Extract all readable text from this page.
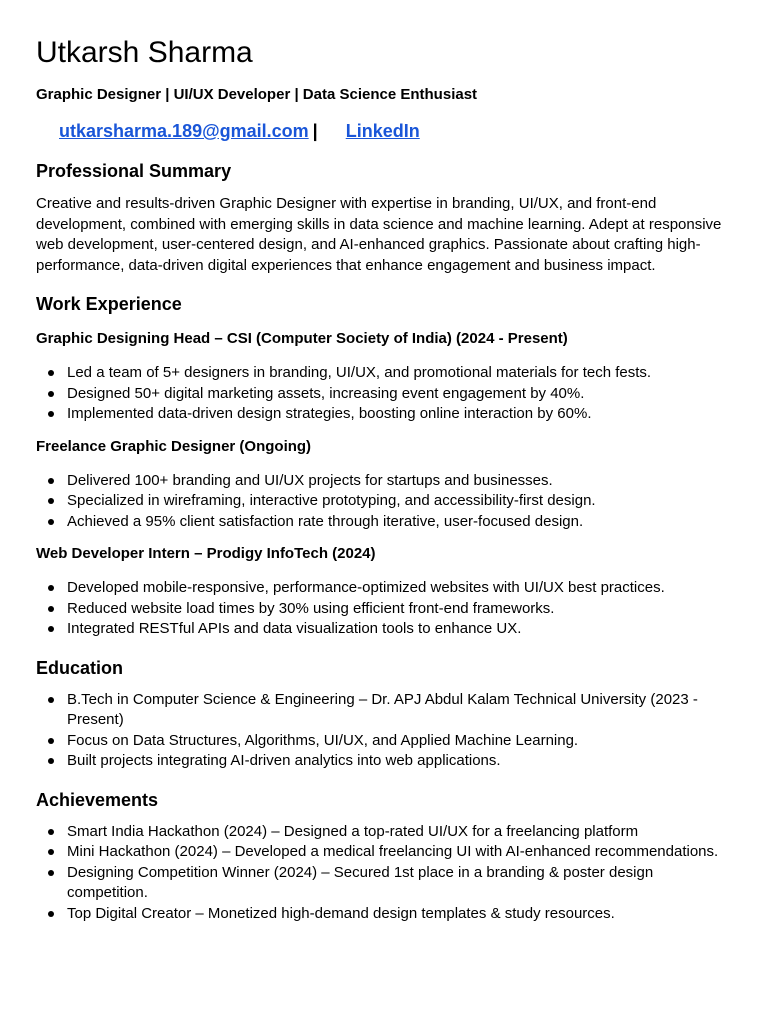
Utkarsh Sharma
Graphic Designer | UI/UX Developer | Data Science Enthusiast
utkarsharma.189@gmail.com | LinkedIn
Professional Summary

Creative and results-driven Graphic Designer with expertise in branding, UI/UX, and front-end development, combined with emerging skills in data science and machine learning. Adept at responsive web development, user-centered design, and AI-enhanced graphics. Passionate about crafting high-performance, data-driven digital experiences that enhance engagement and business impact.

Work Experience
Graphic Designing Head – CSI (Computer Society of India) (2024 - Present)
Led a team of 5+ designers in branding, UI/UX, and promotional materials for tech fests.
Designed 50+ digital marketing assets, increasing event engagement by 40%.
Implemented data-driven design strategies, boosting online interaction by 60%.
Freelance Graphic Designer (Ongoing)
Delivered 100+ branding and UI/UX projects for startups and businesses.
Specialized in wireframing, interactive prototyping, and accessibility-first design.
Achieved a 95% client satisfaction rate through iterative, user-focused design.
Web Developer Intern – Prodigy InfoTech (2024)
Developed mobile-responsive, performance-optimized websites with UI/UX best practices.
Reduced website load times by 30% using efficient front-end frameworks.
Integrated RESTful APIs and data visualization tools to enhance UX.
Education
B.Tech in Computer Science & Engineering – Dr. APJ Abdul Kalam Technical University (2023 - Present)
Focus on Data Structures, Algorithms, UI/UX, and Applied Machine Learning.
Built projects integrating AI-driven analytics into web applications.
Achievements
Smart India Hackathon (2024) – Designed a top-rated UI/UX for a freelancing platform
Mini Hackathon (2024) – Developed a medical freelancing UI with AI-enhanced recommendations.
Designing Competition Winner (2024) – Secured 1st place in a branding & poster design competition.
Top Digital Creator – Monetized high-demand design templates & study resources.
